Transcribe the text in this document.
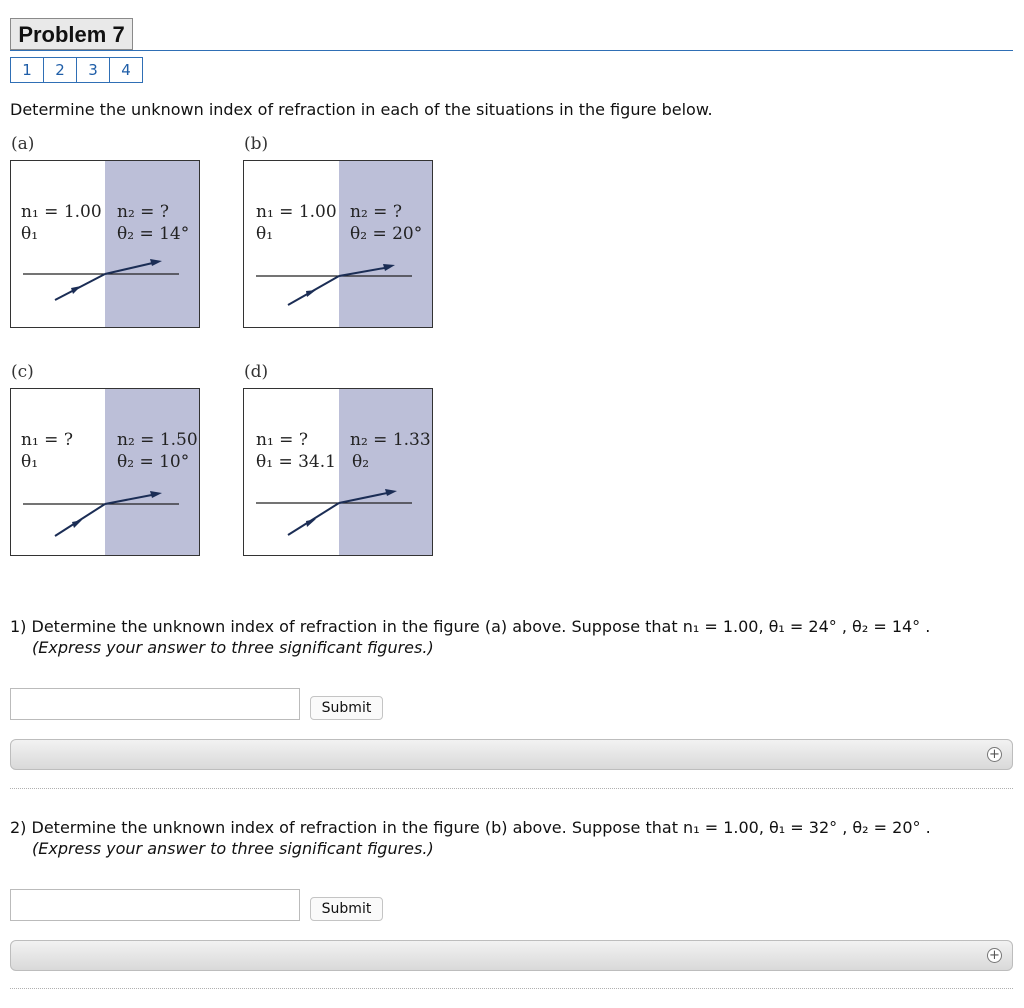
Problem 7
1	2	3	4
Determine the unknown index of refraction in each of the situations in the figure below.
(a)	(b)
(c)	(d)
n₁ = 1.00
θ₁
n₂ = ?
θ₂ = 14°
n₁ = 1.00
θ₁
n₂ = ?
θ₂ = 20°
n₁ = ?
θ₁
n₂ = 1.50
θ₂ = 10°
n₁ = ?
θ₁ = 34.1
n₂ = 1.33
θ₂
1) Determine the unknown index of refraction in the figure (a) above. Suppose that n₁ = 1.00, θ₁ = 24° , θ₂ = 14° .
(Express your answer to three significant figures.)
Submit
+
2) Determine the unknown index of refraction in the figure (b) above. Suppose that n₁ = 1.00, θ₁ = 32° , θ₂ = 20° .
(Express your answer to three significant figures.)
Submit
+
